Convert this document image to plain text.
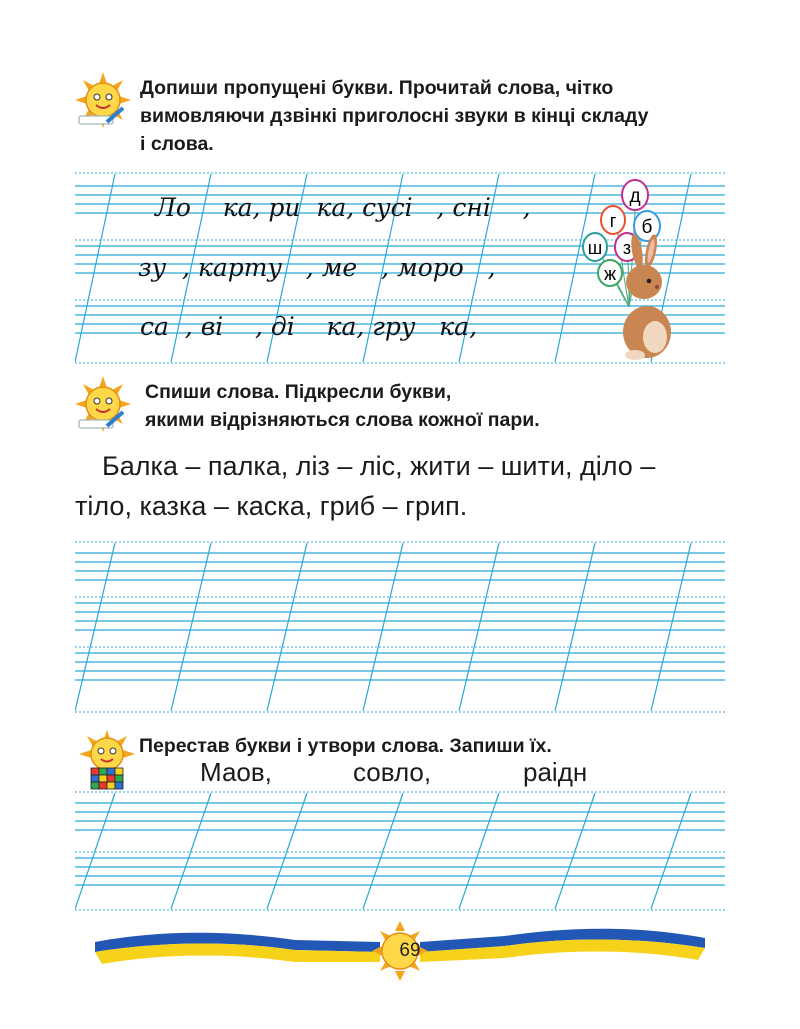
Допиши пропущені букви. Прочитай слова, чітко
вимовляючи дзвінкі приголосні звуки в кінці складу
і слова.
Ло    ка, ри  ка, сусі   , сні    ,
зу  , карту   , ме   , моро   ,
са  , ві    , ді    ка, гру   ка,
д
г б
ш з
ж
Спиши слова. Підкресли букви,
якими відрізняються слова кожної пари.
Балка – палка, ліз – ліс, жити – шити, діло –
тіло, казка – каска, гриб – грип.
Перестав букви і утвори слова. Запиши їх.
Маов,	совло,	раідн
69
